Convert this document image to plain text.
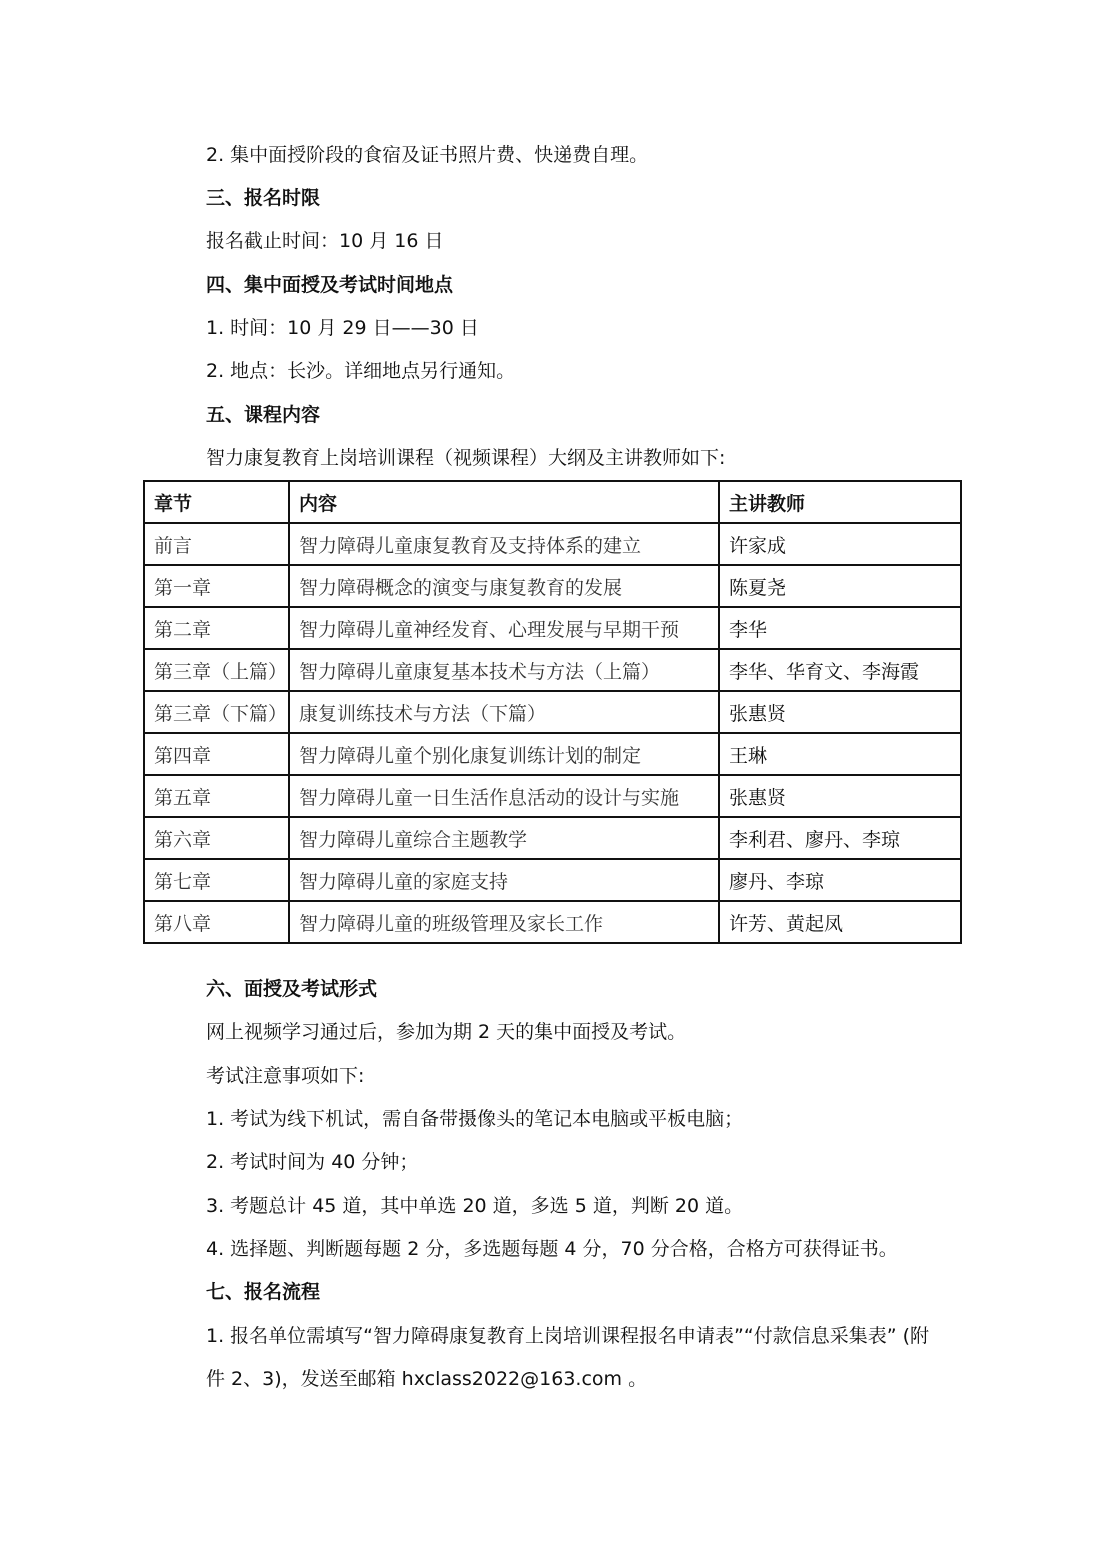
2. 集中面授阶段的食宿及证书照片费、快递费自理。
三、报名时限
报名截止时间：10 月 16 日
四、集中面授及考试时间地点
1. 时间：10 月 29 日——30 日
2. 地点：长沙。详细地点另行通知。
五、课程内容
智力康复教育上岗培训课程（视频课程）大纲及主讲教师如下:
章节	内容	主讲教师
前言	智力障碍儿童康复教育及支持体系的建立	许家成
第一章	智力障碍概念的演变与康复教育的发展	陈夏尧
第二章	智力障碍儿童神经发育、心理发展与早期干预	李华
第三章（上篇）	智力障碍儿童康复基本技术与方法（上篇）	李华、华育文、李海霞
第三章（下篇）	康复训练技术与方法（下篇）	张惠贤
第四章	智力障碍儿童个别化康复训练计划的制定	王琳
第五章	智力障碍儿童一日生活作息活动的设计与实施	张惠贤
第六章	智力障碍儿童综合主题教学	李利君、廖丹、李琼
第七章	智力障碍儿童的家庭支持	廖丹、李琼
第八章	智力障碍儿童的班级管理及家长工作	许芳、黄起凤
六、面授及考试形式
网上视频学习通过后，参加为期 2 天的集中面授及考试。
考试注意事项如下:
1. 考试为线下机试，需自备带摄像头的笔记本电脑或平板电脑；
2. 考试时间为 40 分钟；
3. 考题总计 45 道，其中单选 20 道，多选 5 道，判断 20 道。
4. 选择题、判断题每题 2 分，多选题每题 4 分，70 分合格，合格方可获得证书。
七、报名流程
1. 报名单位需填写“智力障碍康复教育上岗培训课程报名申请表”“付款信息采集表” (附
件 2、3)，发送至邮箱 hxclass2022@163.com 。
